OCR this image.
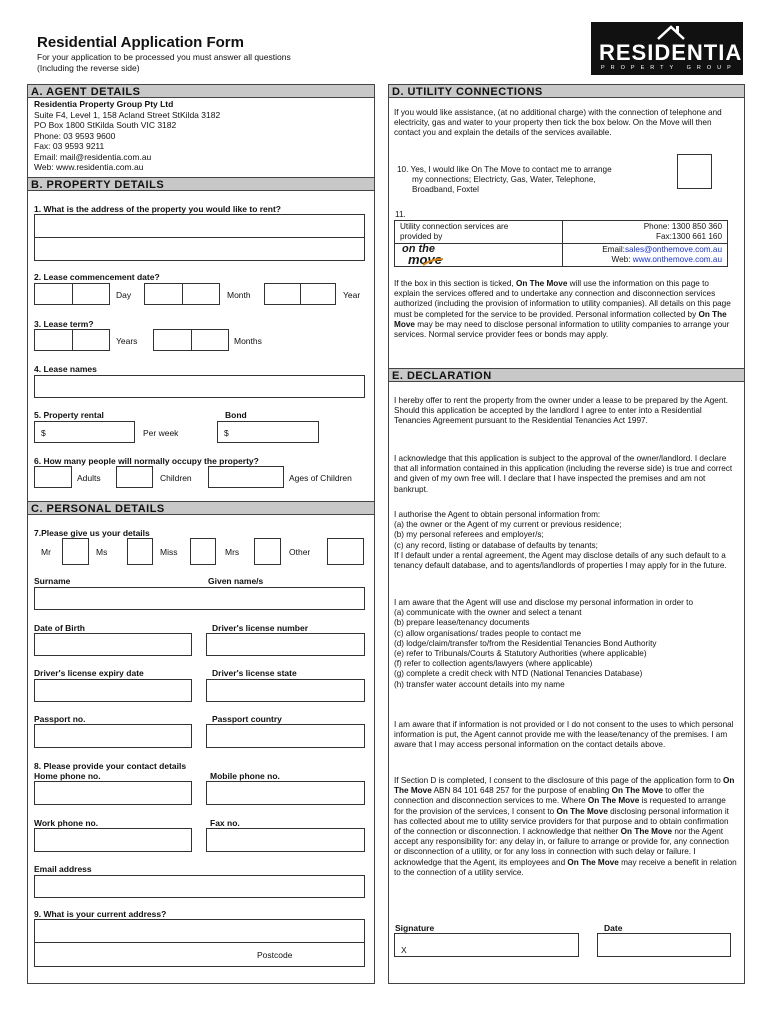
Residential Application Form
For your application to be processed you must answer all questions
(Including the reverse side)
RESIDENTIA
PROPERTY GROUP
A. AGENT DETAILS
Residentia Property Group Pty Ltd
Suite F4, Level 1, 158 Acland Street StKilda 3182
PO Box 1800 StKilda South VIC 3182
Phone: 03 9593 9600
Fax: 03 9593 9211
Email: mail@residentia.com.au
Web: www.residentia.com.au
B. PROPERTY DETAILS
1. What is the address of the property you would like to rent?
2. Lease commencement date?
Day	Month	Year
3. Lease term?
Years	Months
4. Lease names
5. Property rental	Bond
$	Per week	$
6. How many people will normally occupy the property?
Adults	Children	Ages of Children
C. PERSONAL DETAILS
7.Please give us your details
Mr	Ms	Miss	Mrs	Other
Surname	Given name/s
Date of Birth	Driver's license number
Driver's license expiry date	Driver's license state
Passport no.	Passport country
8. Please provide your contact details
Home phone no.	Mobile phone no.
Work phone no.	Fax no.
Email address
9. What is your current address?
Postcode
D. UTILITY CONNECTIONS
If you would like assistance, (at no additional charge) with the connection of telephone and electricity, gas and water to your property then tick the box below. On the Move will then contact you and explain the details of the services available.
10. Yes, I would like On The Move to contact me to arrange
my connections; Electricty, Gas, Water, Telephone,
Broadband, Foxtel
11.
Utility connection services are
provided by
Phone: 1300 850 360
Fax:1300 661 160
on the
move
Email:sales@onthemove.com.au
Web: www.onthemove.com.au
If the box in this section is ticked, On The Move will use the information on this page to explain the services offered and to undertake any connection and disconnection services authorized (including the provision of information to utility companies). All details on this page must be completed for the service to be provided. Personal information collected by On The Move may be may need to disclose personal information to utility companies to arrange your services. Normal service provider fees or bonds may apply.
E. DECLARATION
I hereby offer to rent the property from the owner under a lease to be prepared by the Agent. Should this application be accepted by the landlord I agree to enter into a Residential Tenancies Agreement pursuant to the Residential Tenancies Act 1997.
I acknowledge that this application is subject to the approval of the owner/landlord. I declare that all information contained in this application (including the reverse side) is true and correct and given of my own free will. I declare that I have inspected the premises and am not bankrupt.
I authorise the Agent to obtain personal information from:
(a) the owner or the Agent of my current or previous residence;
(b) my personal referees and employer/s;
(c) any record, listing or database of defaults by tenants;
If I default under a rental agreement, the Agent may disclose details of any such default to a tenancy default database, and to agents/landlords of properties I may apply for in the future.
I am aware that the Agent will use and disclose my personal information in order to
(a) communicate with the owner and select a tenant
(b) prepare lease/tenancy documents
(c) allow organisations/ trades people to contact me
(d) lodge/claim/transfer to/from the Residential Tenancies Bond Authority
(e) refer to Tribunals/Courts & Statutory Authorities (where applicable)
(f) refer to collection agents/lawyers (where applicable)
(g) complete a credit check with NTD (National Tenancies Database)
(h) transfer water account details into my name
I am aware that if information is not provided or I do not consent to the uses to which personal information is put, the Agent cannot provide me with the lease/tenancy of the premises. I am aware that I may access personal information on the contact details above.
If Section D is completed, I consent to the disclosure of this page of the application form to On The Move ABN 84 101 648 257 for the purpose of enabling On The Move to offer the connection and disconnection services to me. Where On The Move is requested to arrange for the provision of the services, I consent to On The Move disclosing personal information it has collected about me to utility service providers for that purpose and to obtain confirmation of the connection or disconnection. I acknowledge that neither On The Move nor the Agent accept any responsibility for: any delay in, or failure to arrange or provide for, any connection or disconnection of a utility, or for any loss in connection with such delay or failure. I acknowledge that the Agent, its employees and On The Move may receive a benefit in relation to the connection of a utility service.
Signature	Date
X
